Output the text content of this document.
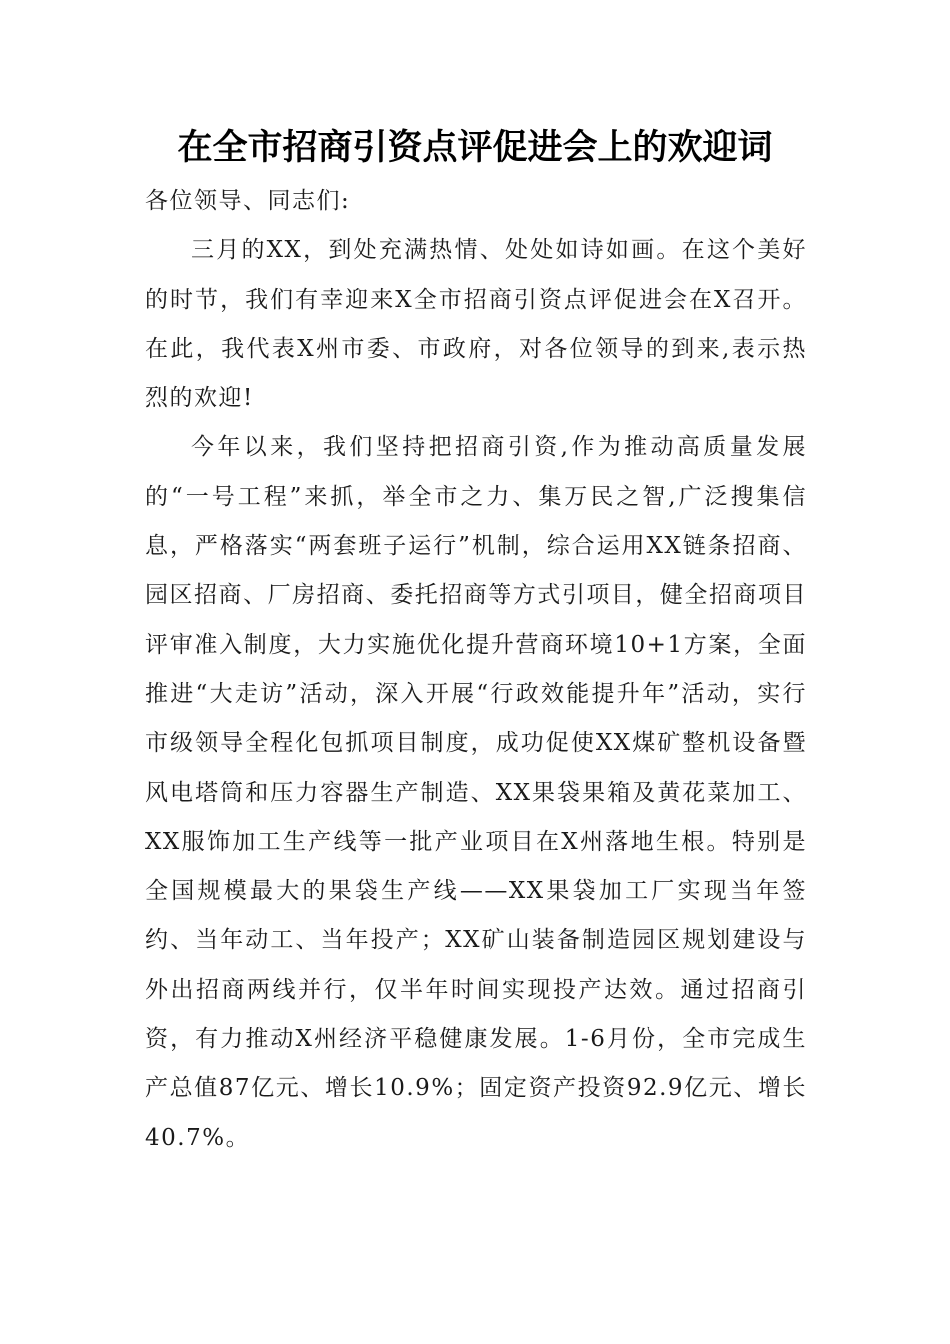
在全市招商引资点评促进会上的欢迎词

各位领导、同志们:

三月的XX，到处充满热情、处处如诗如画。在这个美好的时节，我们有幸迎来X全市招商引资点评促进会在X召开。在此，我代表X州市委、市政府，对各位领导的到来,表示热烈的欢迎!

今年以来，我们坚持把招商引资,作为推动高质量发展的“一号工程”来抓，举全市之力、集万民之智,广泛搜集信息，严格落实“两套班子运行”机制，综合运用XX链条招商、园区招商、厂房招商、委托招商等方式引项目，健全招商项目评审准入制度，大力实施优化提升营商环境10+1方案，全面推进“大走访”活动，深入开展“行政效能提升年”活动，实行市级领导全程化包抓项目制度，成功促使XX煤矿整机设备暨风电塔筒和压力容器生产制造、XX果袋果箱及黄花菜加工、XX服饰加工生产线等一批产业项目在X州落地生根。特别是全国规模最大的果袋生产线——XX果袋加工厂实现当年签约、当年动工、当年投产；XX矿山装备制造园区规划建设与外出招商两线并行，仅半年时间实现投产达效。通过招商引资，有力推动X州经济平稳健康发展。1-6月份，全市完成生产总值87亿元、增长10.9%；固定资产投资92.9亿元、增长40.7%。
